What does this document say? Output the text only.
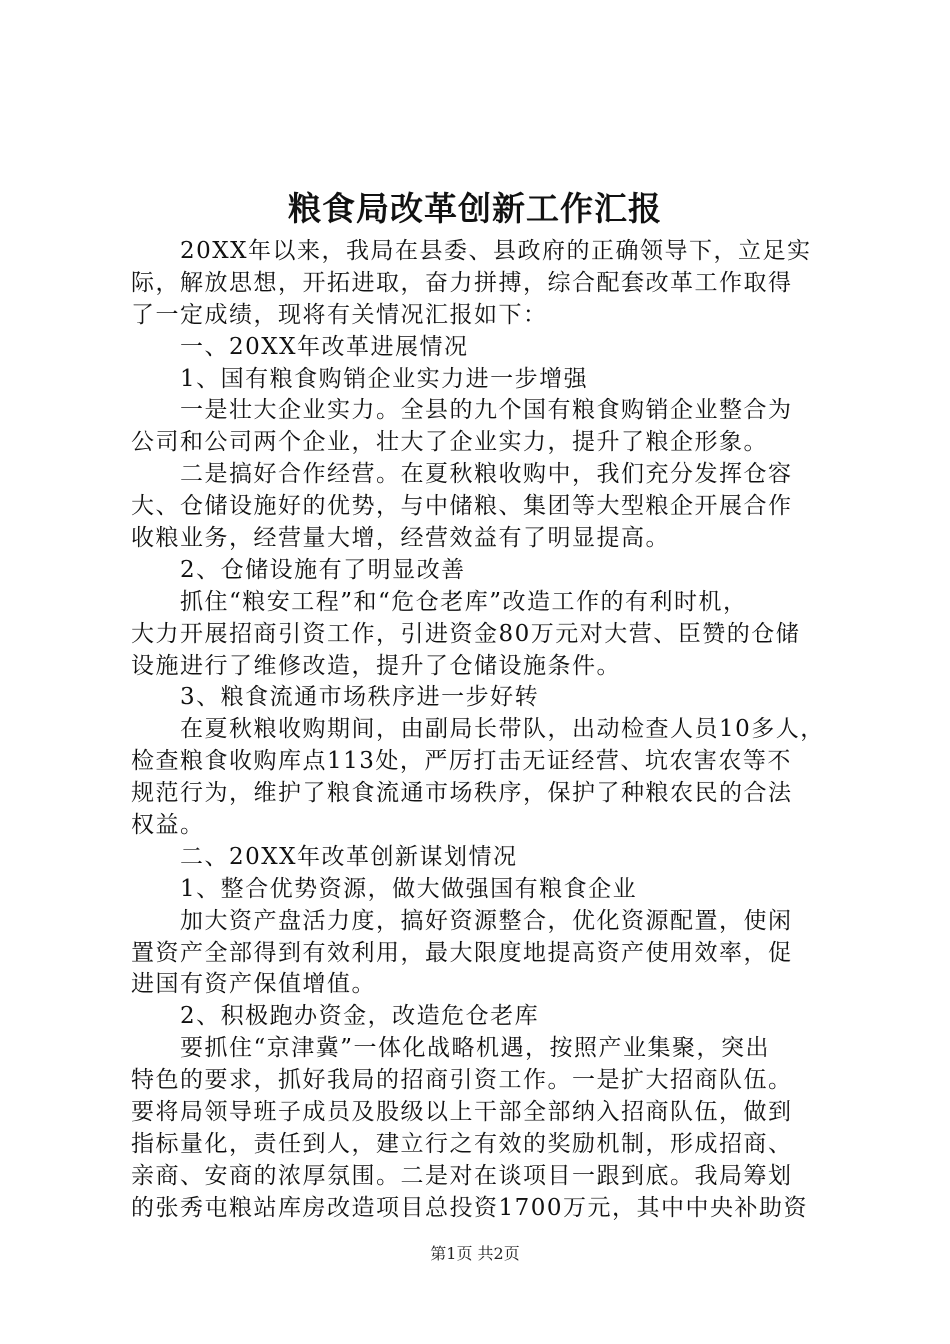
粮食局改革创新工作汇报

20XX年以来，我局在县委、县政府的正确领导下，立足实

际，解放思想，开拓进取，奋力拼搏，综合配套改革工作取得

了一定成绩，现将有关情况汇报如下：

一、20XX年改革进展情况

1、国有粮食购销企业实力进一步增强

一是壮大企业实力。全县的九个国有粮食购销企业整合为

公司和公司两个企业，壮大了企业实力，提升了粮企形象。

二是搞好合作经营。在夏秋粮收购中，我们充分发挥仓容

大、仓储设施好的优势，与中储粮、集团等大型粮企开展合作

收粮业务，经营量大增，经营效益有了明显提高。

2、仓储设施有了明显改善

抓住“粮安工程”和“危仓老库”改造工作的有利时机，

大力开展招商引资工作，引进资金80万元对大营、臣赞的仓储

设施进行了维修改造，提升了仓储设施条件。

3、粮食流通市场秩序进一步好转

在夏秋粮收购期间，由副局长带队，出动检查人员10多人，

检查粮食收购库点113处，严厉打击无证经营、坑农害农等不

规范行为，维护了粮食流通市场秩序，保护了种粮农民的合法

权益。

二、20XX年改革创新谋划情况

1、整合优势资源，做大做强国有粮食企业

加大资产盘活力度，搞好资源整合，优化资源配置，使闲

置资产全部得到有效利用，最大限度地提高资产使用效率，促

进国有资产保值增值。

2、积极跑办资金，改造危仓老库

要抓住“京津冀”一体化战略机遇，按照产业集聚，突出

特色的要求，抓好我局的招商引资工作。一是扩大招商队伍。

要将局领导班子成员及股级以上干部全部纳入招商队伍，做到

指标量化，责任到人，建立行之有效的奖励机制，形成招商、

亲商、安商的浓厚氛围。二是对在谈项目一跟到底。我局筹划

的张秀屯粮站库房改造项目总投资1700万元，其中中央补助资

第1页 共2页
